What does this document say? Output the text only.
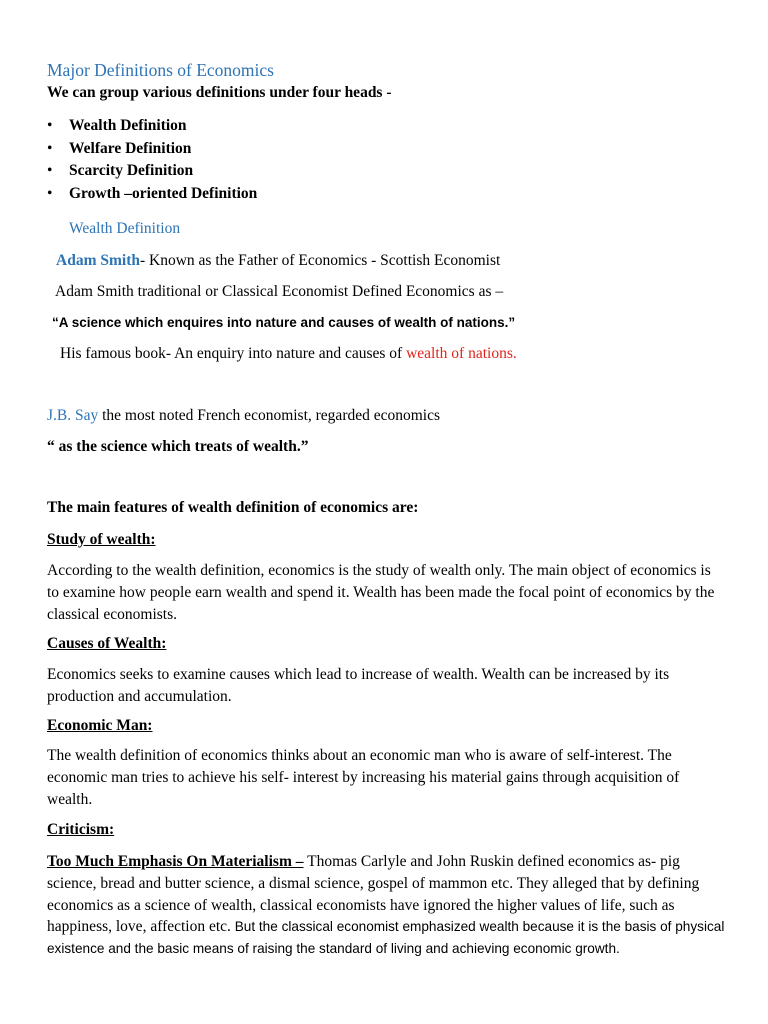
Major Definitions of Economics

We can group various definitions under four heads -

• Wealth Definition
• Welfare Definition
• Scarcity Definition
• Growth –oriented Definition

Wealth Definition

Adam Smith- Known as the Father of Economics - Scottish Economist

Adam Smith traditional or Classical Economist Defined Economics as –

“A science which enquires into nature and causes of wealth of nations.”

His famous book- An enquiry into nature and causes of wealth of nations.

J.B. Say the most noted French economist, regarded economics

“ as the science which treats of wealth.”

The main features of wealth definition of economics are:

Study of wealth:

According to the wealth definition, economics is the study of wealth only. The main object of economics is to examine how people earn wealth and spend it. Wealth has been made the focal point of economics by the classical economists.

Causes of Wealth:

Economics seeks to examine causes which lead to increase of wealth. Wealth can be increased by its production and accumulation.

Economic Man:

The wealth definition of economics thinks about an economic man who is aware of self-interest. The economic man tries to achieve his self- interest by increasing his material gains through acquisition of wealth.

Criticism:

Too Much Emphasis On Materialism – Thomas Carlyle and John Ruskin defined economics as- pig science, bread and butter science, a dismal science, gospel of mammon etc. They alleged that by defining economics as a science of wealth, classical economists have ignored the higher values of life, such as happiness, love, affection etc. But the classical economist emphasized wealth because it is the basis of physical existence and the basic means of raising the standard of living and achieving economic growth.
